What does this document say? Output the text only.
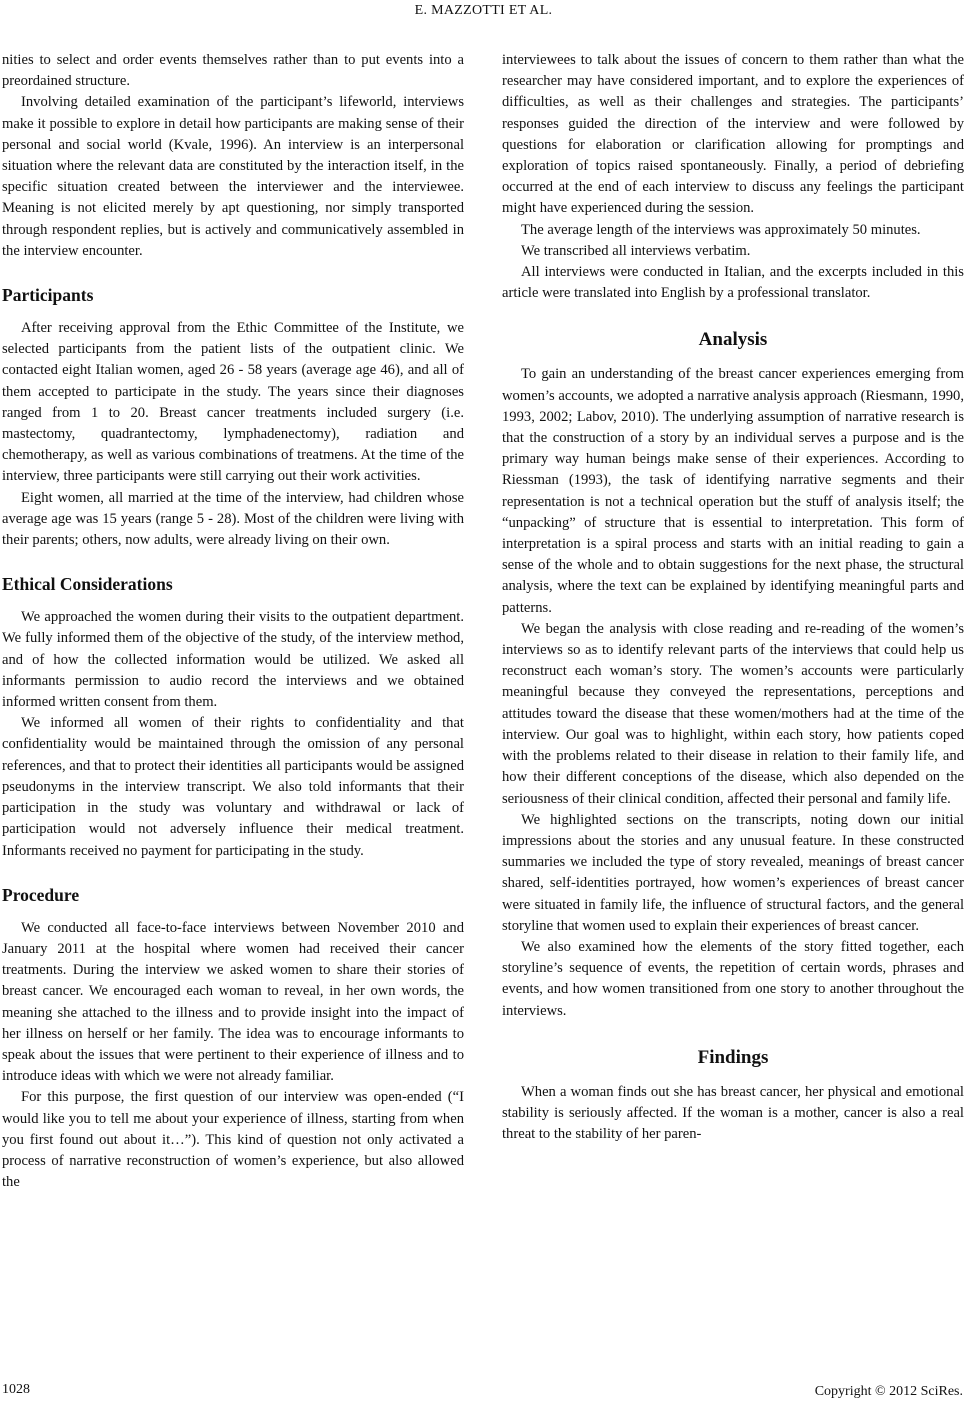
E. MAZZOTTI ET AL.

nities to select and order events themselves rather than to put events into a preordained structure.

Involving detailed examination of the participant’s lifeworld, interviews make it possible to explore in detail how participants are making sense of their personal and social world (Kvale, 1996). An interview is an interpersonal situation where the relevant data are constituted by the interaction itself, in the specific situation created between the interviewer and the interviewee. Meaning is not elicited merely by apt questioning, nor simply transported through respondent replies, but is actively and communicatively assembled in the interview encounter.

Participants

After receiving approval from the Ethic Committee of the Institute, we selected participants from the patient lists of the outpatient clinic. We contacted eight Italian women, aged 26 - 58 years (average age 46), and all of them accepted to participate in the study. The years since their diagnoses ranged from 1 to 20. Breast cancer treatments included surgery (i.e. mastectomy, quadrantectomy, lymphadenectomy), radiation and chemotherapy, as well as various combinations of treatmens. At the time of the interview, three participants were still carrying out their work activities.

Eight women, all married at the time of the interview, had children whose average age was 15 years (range 5 - 28). Most of the children were living with their parents; others, now adults, were already living on their own.

Ethical Considerations

We approached the women during their visits to the outpatient department. We fully informed them of the objective of the study, of the interview method, and of how the collected information would be utilized. We asked all informants permission to audio record the interviews and we obtained informed written consent from them.

We informed all women of their rights to confidentiality and that confidentiality would be maintained through the omission of any personal references, and that to protect their identities all participants would be assigned pseudonyms in the interview transcript. We also told informants that their participation in the study was voluntary and withdrawal or lack of participation would not adversely influence their medical treatment. Informants received no payment for participating in the study.

Procedure

We conducted all face-to-face interviews between November 2010 and January 2011 at the hospital where women had received their cancer treatments. During the interview we asked women to share their stories of breast cancer. We encouraged each woman to reveal, in her own words, the meaning she attached to the illness and to provide insight into the impact of her illness on herself or her family. The idea was to encourage informants to speak about the issues that were pertinent to their experience of illness and to introduce ideas with which we were not already familiar.

For this purpose, the first question of our interview was open-ended (“I would like you to tell me about your experience of illness, starting from when you first found out about it…”). This kind of question not only activated a process of narrative reconstruction of women’s experience, but also allowed the

interviewees to talk about the issues of concern to them rather than what the researcher may have considered important, and to explore the experiences of difficulties, as well as their challenges and strategies. The participants’ responses guided the direction of the interview and were followed by questions for elaboration or clarification allowing for promptings and exploration of topics raised spontaneously. Finally, a period of debriefing occurred at the end of each interview to discuss any feelings the participant might have experienced during the session.

The average length of the interviews was approximately 50 minutes.

We transcribed all interviews verbatim.

All interviews were conducted in Italian, and the excerpts included in this article were translated into English by a professional translator.

Analysis

To gain an understanding of the breast cancer experiences emerging from women’s accounts, we adopted a narrative analysis approach (Riesmann, 1990, 1993, 2002; Labov, 2010). The underlying assumption of narrative research is that the construction of a story by an individual serves a purpose and is the primary way human beings make sense of their experiences. According to Riessman (1993), the task of identifying narrative segments and their representation is not a technical operation but the stuff of analysis itself; the “unpacking” of structure that is essential to interpretation. This form of interpretation is a spiral process and starts with an initial reading to gain a sense of the whole and to obtain suggestions for the next phase, the structural analysis, where the text can be explained by identifying meaningful parts and patterns.

We began the analysis with close reading and re-reading of the women’s interviews so as to identify relevant parts of the interviews that could help us reconstruct each woman’s story. The women’s accounts were particularly meaningful because they conveyed the representations, perceptions and attitudes toward the disease that these women/mothers had at the time of the interview. Our goal was to highlight, within each story, how patients coped with the problems related to their disease in relation to their family life, and how their different conceptions of the disease, which also depended on the seriousness of their clinical condition, affected their personal and family life.

We highlighted sections on the transcripts, noting down our initial impressions about the stories and any unusual feature. In these constructed summaries we included the type of story revealed, meanings of breast cancer shared, self-identities portrayed, how women’s experiences of breast cancer were situated in family life, the influence of structural factors, and the general storyline that women used to explain their experiences of breast cancer.

We also examined how the elements of the story fitted together, each storyline’s sequence of events, the repetition of certain words, phrases and events, and how women transitioned from one story to another throughout the interviews.

Findings

When a woman finds out she has breast cancer, her physical and emotional stability is seriously affected. If the woman is a mother, cancer is also a real threat to the stability of her paren-

1028	Copyright © 2012 SciRes.
